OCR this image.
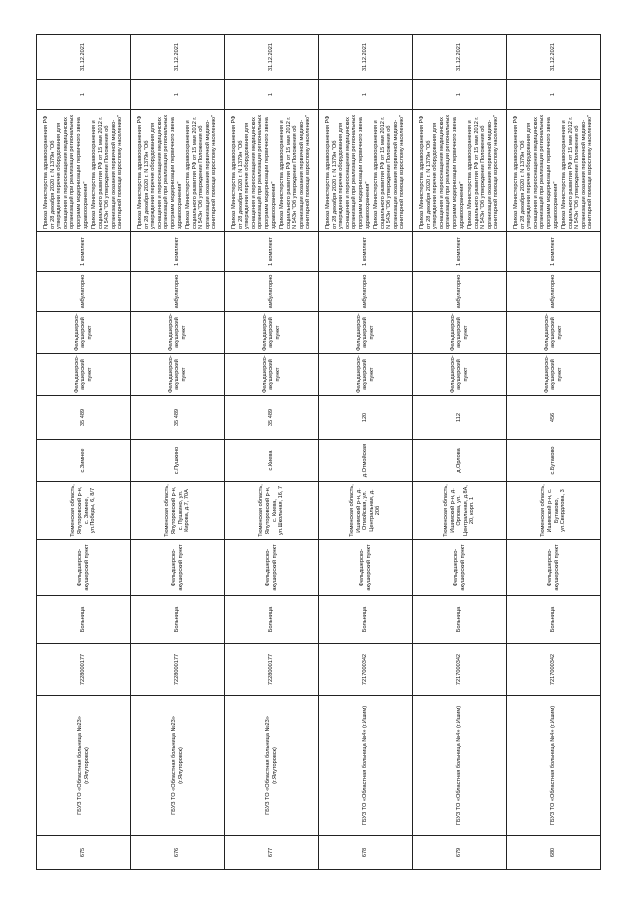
675	ГБУЗ ТО «Областная больница №23» (г.Ялуторовск)	7228000177	Больница	Фельдшерско-акушерский пункт	Тюменская область, Ялуторовский р-н, с. Зимнее, ул.Победы, 6, 8/7	с.Зимнее	35 489	Фельдшерско-акушерский пункт	Фельдшерско-акушерский пункт	амбулаторно	1 комплект	Приказ Министерства здравоохранения РФ от 28 декабря 2020 г. N 1379н "Об утверждении перечня оборудования для оснащения и переоснащения медицинских организаций при реализации региональных программ модернизации первичного звена здравоохранения" Приказ Министерства здравоохранения и социального развития РФ от 15 мая 2012 г. N 543н "Об утверждении Положения об организации оказания первичной медико-санитарной помощи взрослому населению"	1	31.12.2021
676	ГБУЗ ТО «Областная больница №23» (г.Ялуторовск)	7228000177	Больница	Фельдшерско-акушерский пункт	Тюменская область, Ялуторовский р-н, с. Пушкино, ул. Кирова, д.7, 70А	с.Пушкино	35 489	Фельдшерско-акушерский пункт	Фельдшерско-акушерский пункт	амбулаторно	1 комплект	Приказ Министерства здравоохранения РФ от 28 декабря 2020 г. N 1379н "Об утверждении перечня оборудования для оснащения и переоснащения медицинских организаций при реализации региональных программ модернизации первичного звена здравоохранения" Приказ Министерства здравоохранения и социального развития РФ от 15 мая 2012 г. N 543н "Об утверждении Положения об организации оказания первичной медико-санитарной помощи взрослому населению"	1	31.12.2021
677	ГБУЗ ТО «Областная больница №23» (г.Ялуторовск)	7228000177	Больница	Фельдшерско-акушерский пункт	Тюменская область, Ялуторовский р-н, с. Киева, ул.Школьная, 16, 7	с.Киева	35 489	Фельдшерско-акушерский пункт	Фельдшерско-акушерский пункт	амбулаторно	1 комплект	Приказ Министерства здравоохранения РФ от 28 декабря 2020 г. N 1379н "Об утверждении перечня оборудования для оснащения и переоснащения медицинских организаций при реализации региональных программ модернизации первичного звена здравоохранения" Приказ Министерства здравоохранения и социального развития РФ от 15 мая 2012 г. N 543н "Об утверждении Положения об организации оказания первичной медико-санитарной помощи взрослому населению"	1	31.12.2021
678	ГБУЗ ТО «Областная больница №4» (г.Ишим)	7217000342	Больница	Фельдшерско-акушерский пункт	Тюменская область, Ишимский р-н, д. Отмойская, ул. Центральная, д. 20б	д.Отмойская	120	Фельдшерско-акушерский пункт	Фельдшерско-акушерский пункт	амбулаторно	1 комплект	Приказ Министерства здравоохранения РФ от 28 декабря 2020 г. N 1379н "Об утверждении перечня оборудования для оснащения и переоснащения медицинских организаций при реализации региональных программ модернизации первичного звена здравоохранения" Приказ Министерства здравоохранения и социального развития РФ от 15 мая 2012 г. N 543н "Об утверждении Положения об организации оказания первичной медико-санитарной помощи взрослому населению"	1	31.12.2021
679	ГБУЗ ТО «Областная больница №4» (г.Ишим)	7217000342	Больница	Фельдшерско-акушерский пункт	Тюменская область, Ишимский р-н, д. Орлова, ул. Центральная, д.8А, 20, корп. 1	д.Орлова	112	Фельдшерско-акушерский пункт	Фельдшерско-акушерский пункт	амбулаторно	1 комплект	Приказ Министерства здравоохранения РФ от 28 декабря 2020 г. N 1379н "Об утверждении перечня оборудования для оснащения и переоснащения медицинских организаций при реализации региональных программ модернизации первичного звена здравоохранения" Приказ Министерства здравоохранения и социального развития РФ от 15 мая 2012 г. N 543н "Об утверждении Положения об организации оказания первичной медико-санитарной помощи взрослому населению"	1	31.12.2021
680	ГБУЗ ТО «Областная больница №4» (г.Ишим)	7217000342	Больница	Фельдшерско-акушерский пункт	Тюменская область, Ишимский р-н, с. Бутаково, ул.Свердлова, 3	с.Бутаково	456	Фельдшерско-акушерский пункт	Фельдшерско-акушерский пункт	амбулаторно	1 комплект	Приказ Министерства здравоохранения РФ от 28 декабря 2020 г. N 1379н "Об утверждении перечня оборудования для оснащения и переоснащения медицинских организаций при реализации региональных программ модернизации первичного звена здравоохранения" Приказ Министерства здравоохранения и социального развития РФ от 15 мая 2012 г. N 543н "Об утверждении Положения об организации оказания первичной медико-санитарной помощи взрослому населению"	1	31.12.2021
